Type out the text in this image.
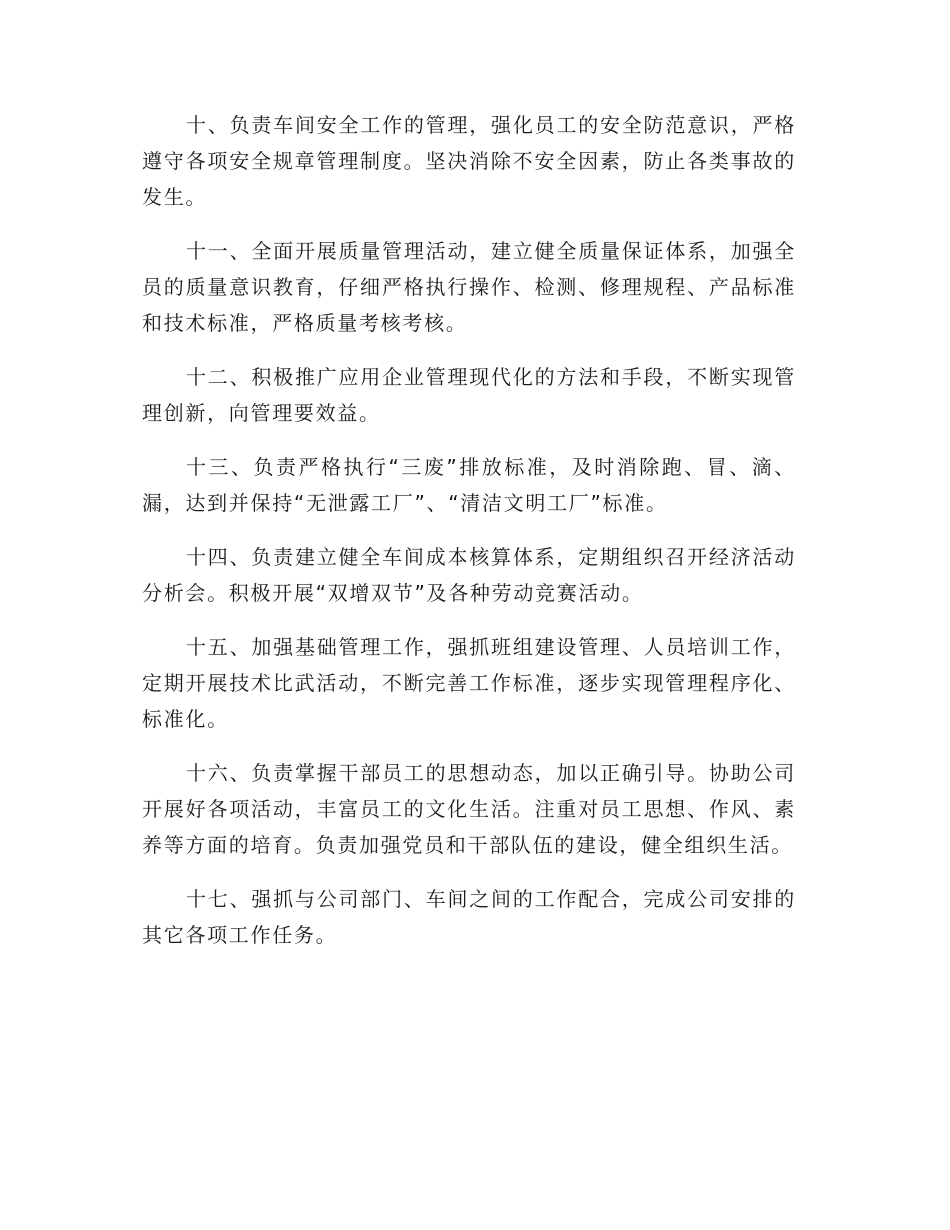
十、负责车间安全工作的管理，强化员工的安全防范意识，严格遵守各项安全规章管理制度。坚决消除不安全因素，防止各类事故的发生。

十一、全面开展质量管理活动，建立健全质量保证体系，加强全员的质量意识教育，仔细严格执行操作、检测、修理规程、产品标准和技术标准，严格质量考核考核。

十二、积极推广应用企业管理现代化的方法和手段，不断实现管理创新，向管理要效益。

十三、负责严格执行“三废”排放标准，及时消除跑、冒、滴、漏，达到并保持“无泄露工厂”、“清洁文明工厂”标准。

十四、负责建立健全车间成本核算体系，定期组织召开经济活动分析会。积极开展“双增双节”及各种劳动竞赛活动。

十五、加强基础管理工作，强抓班组建设管理、人员培训工作，定期开展技术比武活动，不断完善工作标准，逐步实现管理程序化、标准化。

十六、负责掌握干部员工的思想动态，加以正确引导。协助公司开展好各项活动，丰富员工的文化生活。注重对员工思想、作风、素养等方面的培育。负责加强党员和干部队伍的建设，健全组织生活。

十七、强抓与公司部门、车间之间的工作配合，完成公司安排的其它各项工作任务。
